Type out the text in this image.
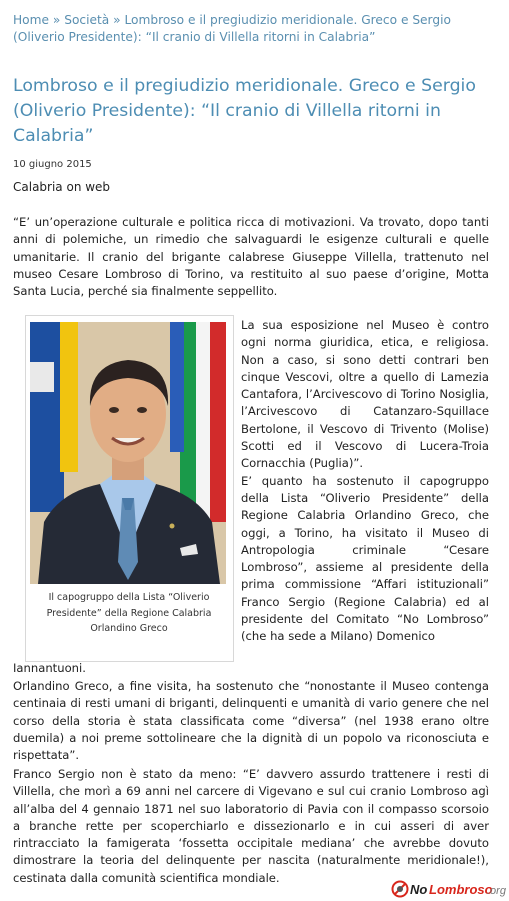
Home » Società » Lombroso e il pregiudizio meridionale. Greco e Sergio (Oliverio Presidente): “Il cranio di Villella ritorni in Calabria”
Lombroso e il pregiudizio meridionale. Greco e Sergio (Oliverio Presidente): “Il cranio di Villella ritorni in Calabria”
10 giugno 2015
Calabria on web

“E’ un’operazione culturale e politica ricca di motivazioni. Va trovato, dopo tanti anni di polemiche, un rimedio che salvaguardi le esigenze culturali e quelle umanitarie. Il cranio del brigante calabrese Giuseppe Villella, trattenuto nel museo Cesare Lombroso di Torino, va restituito al suo paese d’origine, Motta Santa Lucia, perché sia finalmente seppellito.

Il capogruppo della Lista “Oliverio Presidente” della Regione Calabria Orlandino Greco

La sua esposizione nel Museo è contro ogni norma giuridica, etica, e religiosa. Non a caso, si sono detti contrari ben cinque Vescovi, oltre a quello di Lamezia Cantafora, l’Arcivescovo di Torino Nosiglia, l’Arcivescovo di Catanzaro-Squillace Bertolone, il Vescovo di Trivento (Molise) Scotti ed il Vescovo di Lucera-Troia Cornacchia (Puglia)”.

E’ quanto ha sostenuto il capogruppo della Lista “Oliverio Presidente” della Regione Calabria Orlandino Greco, che oggi, a Torino, ha visitato il Museo di Antropologia criminale “Cesare Lombroso”, assieme al presidente della prima commissione “Affari istituzionali” Franco Sergio (Regione Calabria) ed al presidente del Comitato “No Lombroso” (che ha sede a Milano) Domenico

Iannantuoni.

Orlandino Greco, a fine visita, ha sostenuto che “nonostante il Museo contenga centinaia di resti umani di briganti, delinquenti e umanità di vario genere che nel corso della storia è stata classificata come “diversa” (nel 1938 erano oltre duemila) a noi preme sottolineare che la dignità di un popolo va riconosciuta e rispettata”.

Franco Sergio non è stato da meno: “E’ davvero assurdo trattenere i resti di Villella, che morì a 69 anni nel carcere di Vigevano e sul cui cranio Lombroso agì all’alba del 4 gennaio 1871 nel suo laboratorio di Pavia con il compasso scorsoio a branche rette per scoperchiarlo e dissezionarlo e in cui asseri di aver rintracciato la famigerata ‘fossetta occipitale mediana’ che avrebbe dovuto dimostrare la teoria del delinquente per nascita (naturalmente meridionale!), cestinata dalla comunità scientifica mondiale.

No Lombroso
.org
